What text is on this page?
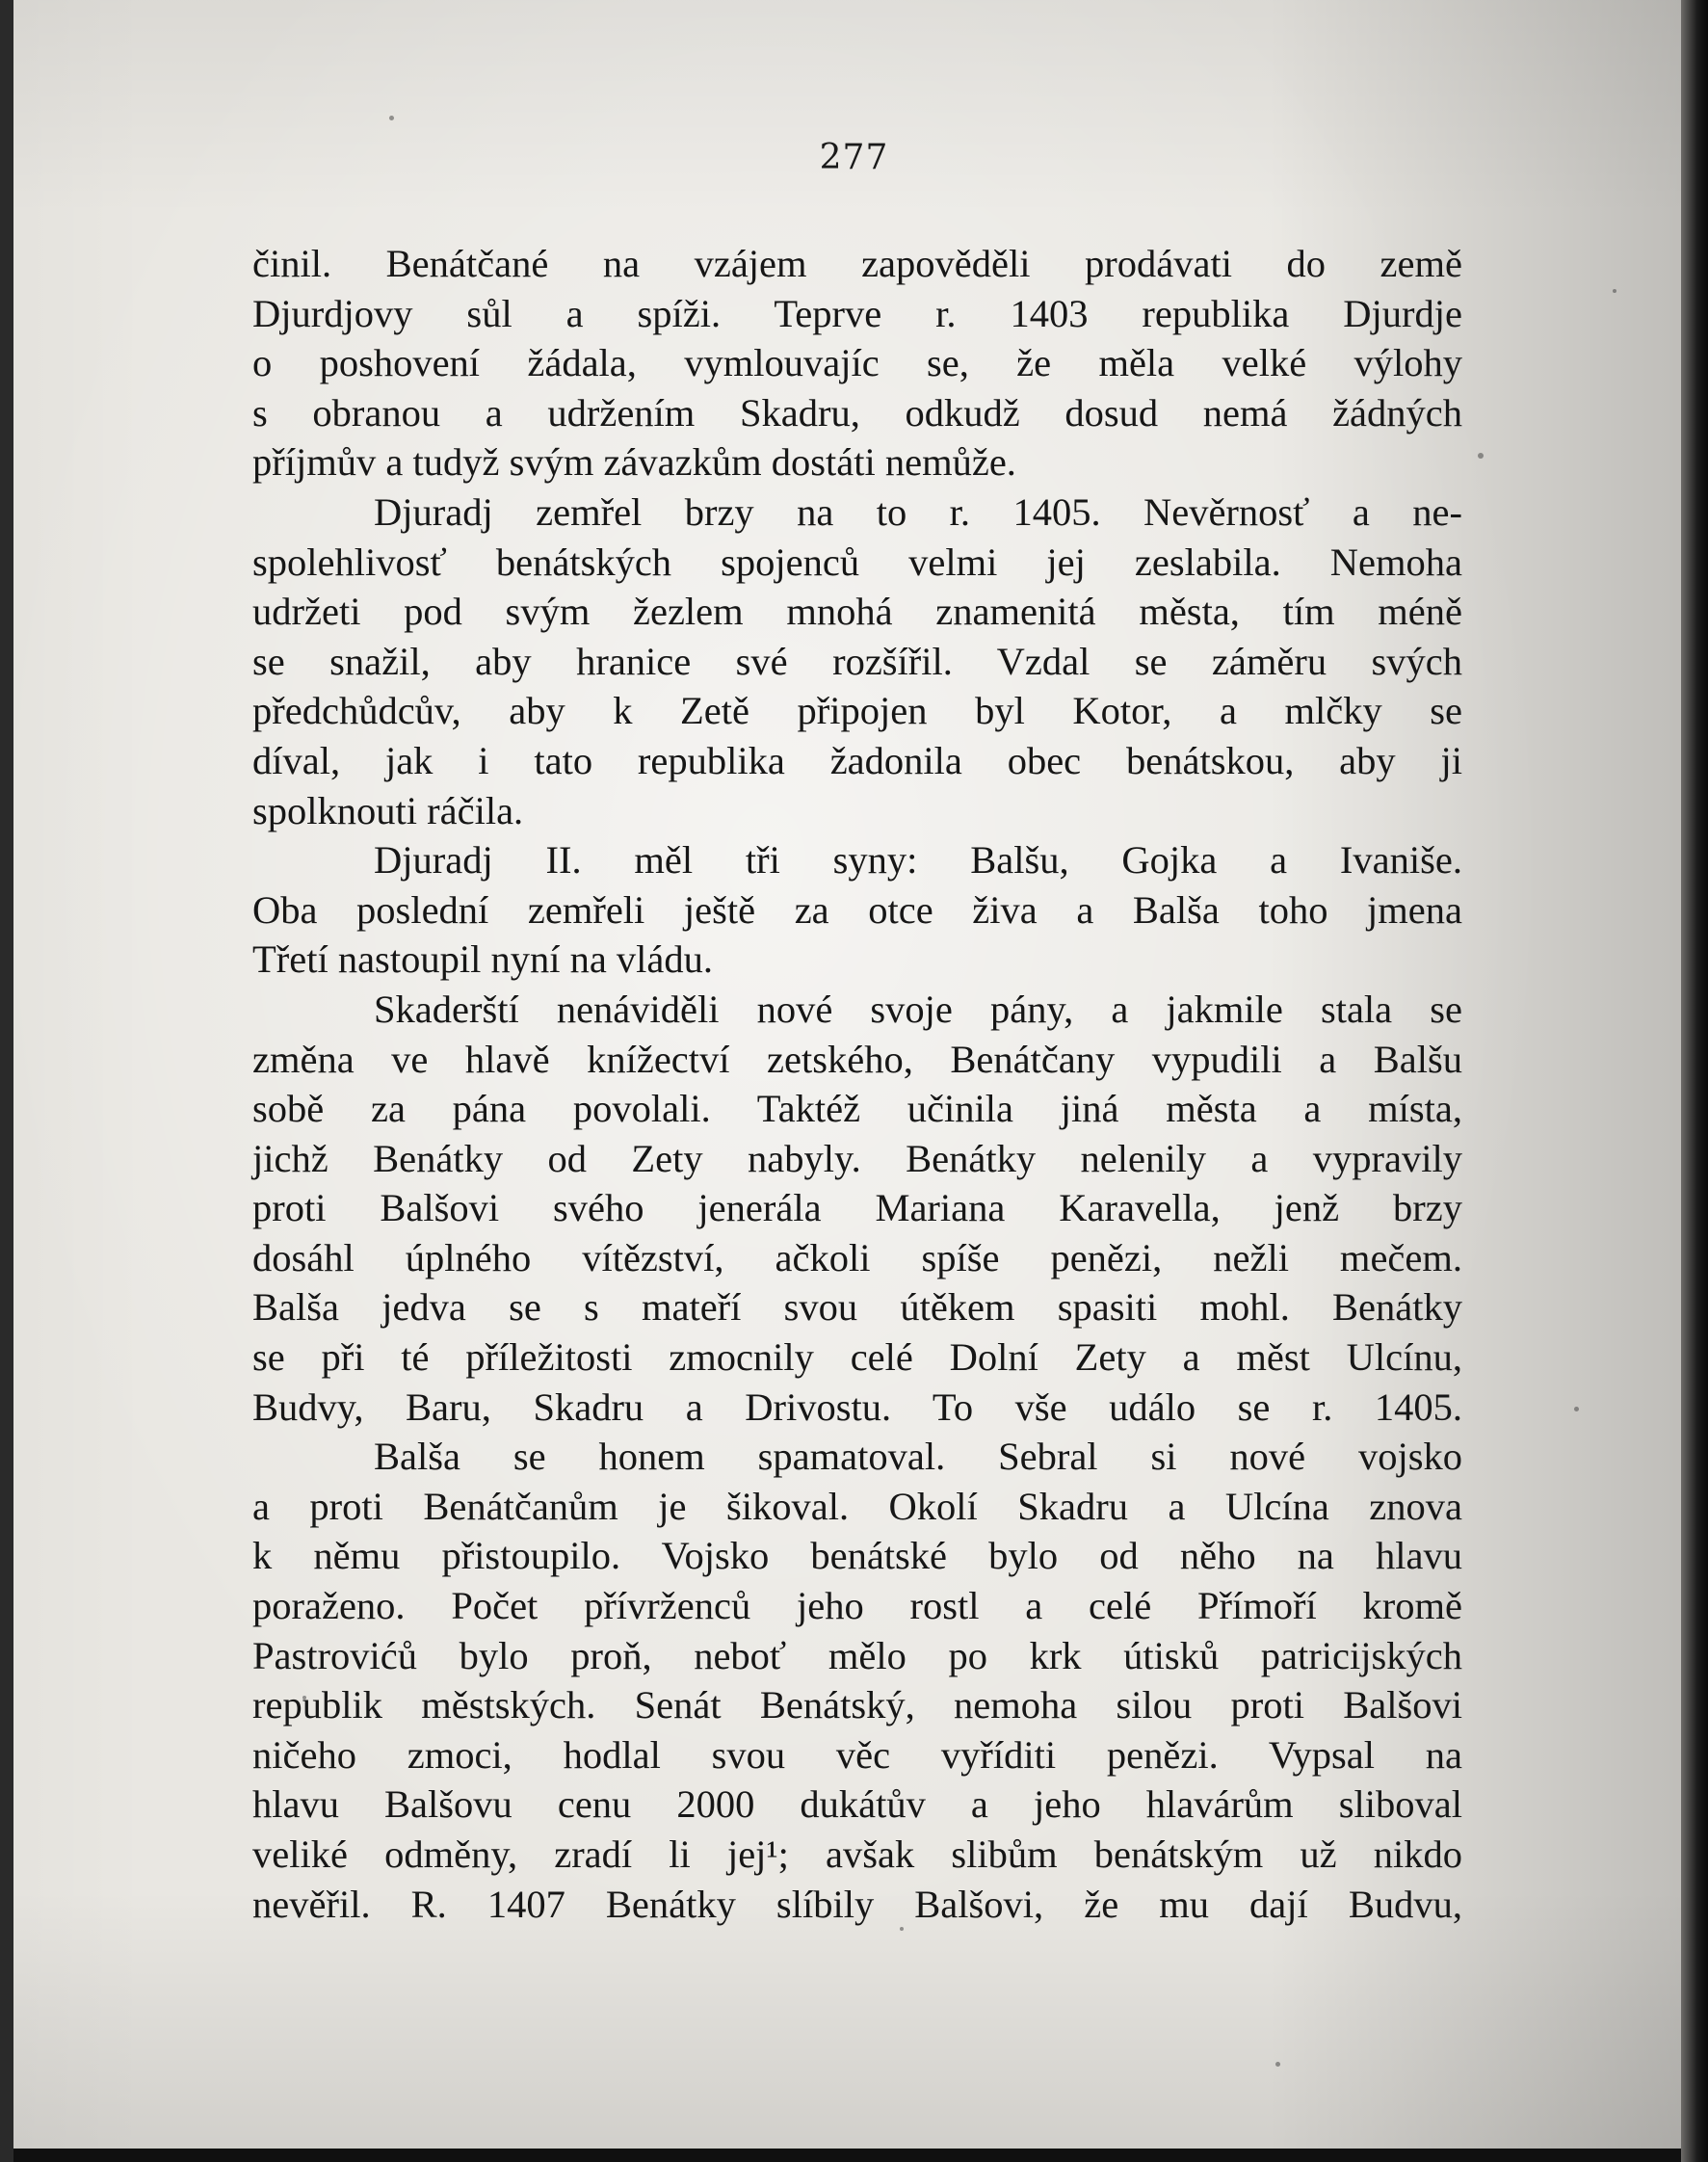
277
činil. Benátčané na vzájem zapověděli prodávati do země
Djurdjovy sůl a spíži. Teprve r. 1403 republika Djurdje
o poshovení žádala, vymlouvajíc se, že měla velké výlohy
s obranou a udržením Skadru, odkudž dosud nemá žádných
příjmův a tudyž svým závazkům dostáti nemůže.
Djuradj zemřel brzy na to r. 1405. Nevěrnosť a ne-
spolehlivosť benátských spojenců velmi jej zeslabila. Nemoha
udržeti pod svým žezlem mnohá znamenitá města, tím méně
se snažil, aby hranice své rozšířil. Vzdal se záměru svých
předchůdcův, aby k Zetě připojen byl Kotor, a mlčky se
díval, jak i tato republika žadonila obec benátskou, aby ji
spolknouti ráčila.
Djuradj II. měl tři syny: Balšu, Gojka a Ivaniše.
Oba poslední zemřeli ještě za otce živa a Balša toho jmena
Třetí nastoupil nyní na vládu.
Skaderští nenáviděli nové svoje pány, a jakmile stala se
změna ve hlavě knížectví zetského, Benátčany vypudili a Balšu
sobě za pána povolali. Taktéž učinila jiná města a místa,
jichž Benátky od Zety nabyly. Benátky nelenily a vypravily
proti Balšovi svého jenerála Mariana Karavella, jenž brzy
dosáhl úplného vítězství, ačkoli spíše penězi, nežli mečem.
Balša jedva se s mateří svou útěkem spasiti mohl. Benátky
se při té příležitosti zmocnily celé Dolní Zety a měst Ulcínu,
Budvy, Baru, Skadru a Drivostu. To vše událo se r. 1405.
Balša se honem spamatoval. Sebral si nové vojsko
a proti Benátčanům je šikoval. Okolí Skadru a Ulcína znova
k němu přistoupilo. Vojsko benátské bylo od něho na hlavu
poraženo. Počet přívrženců jeho rostl a celé Přímoří kromě
Pastrovićů bylo proň, neboť mělo po krk útisků patricijských
republik městských. Senát Benátský, nemoha silou proti Balšovi
ničeho zmoci, hodlal svou věc vyříditi penězi. Vypsal na
hlavu Balšovu cenu 2000 dukátův a jeho hlavárům sliboval
veliké odměny, zradí li jej¹; avšak slibům benátským už nikdo
nevěřil. R. 1407 Benátky slíbily Balšovi, že mu dají Budvu,
